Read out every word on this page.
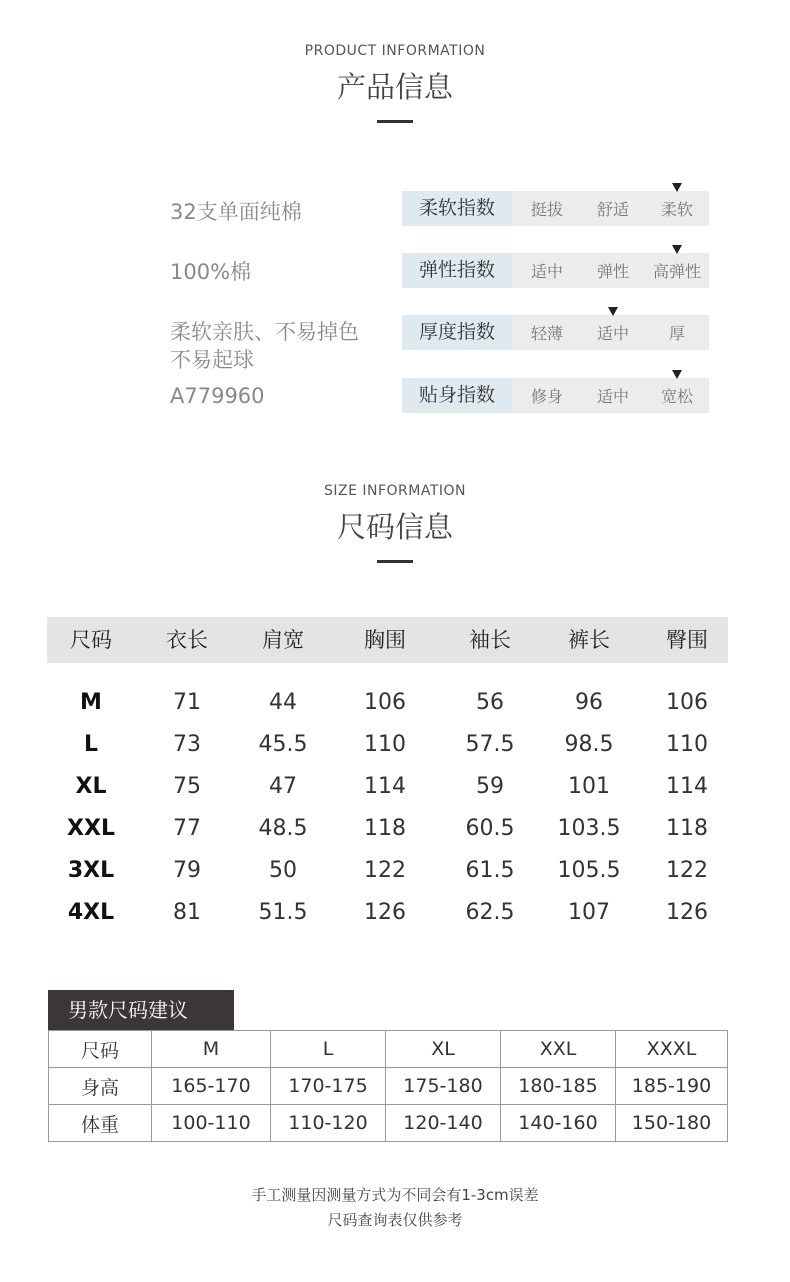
PRODUCT INFORMATION
产品信息
32支单面纯棉
100%棉
柔软亲肤、不易掉色
不易起球
A779960
柔软指数	挺拔	舒适	柔软
弹性指数	适中	弹性	高弹性
厚度指数	轻薄	适中	厚
贴身指数	修身	适中	宽松
SIZE INFORMATION
尺码信息
尺码	衣长	肩宽	胸围	袖长	裤长	臀围
M	71	44	106	56	96	106
L	73	45.5	110	57.5	98.5	110
XL	75	47	114	59	101	114
XXL	77	48.5	118	60.5	103.5	118
3XL	79	50	122	61.5	105.5	122
4XL	81	51.5	126	62.5	107	126
男款尺码建议
尺码	M	L	XL	XXL	XXXL
身高	165-170	170-175	175-180	180-185	185-190
体重	100-110	110-120	120-140	140-160	150-180
手工测量因测量方式为不同会有1-3cm误差
尺码查询表仅供参考
